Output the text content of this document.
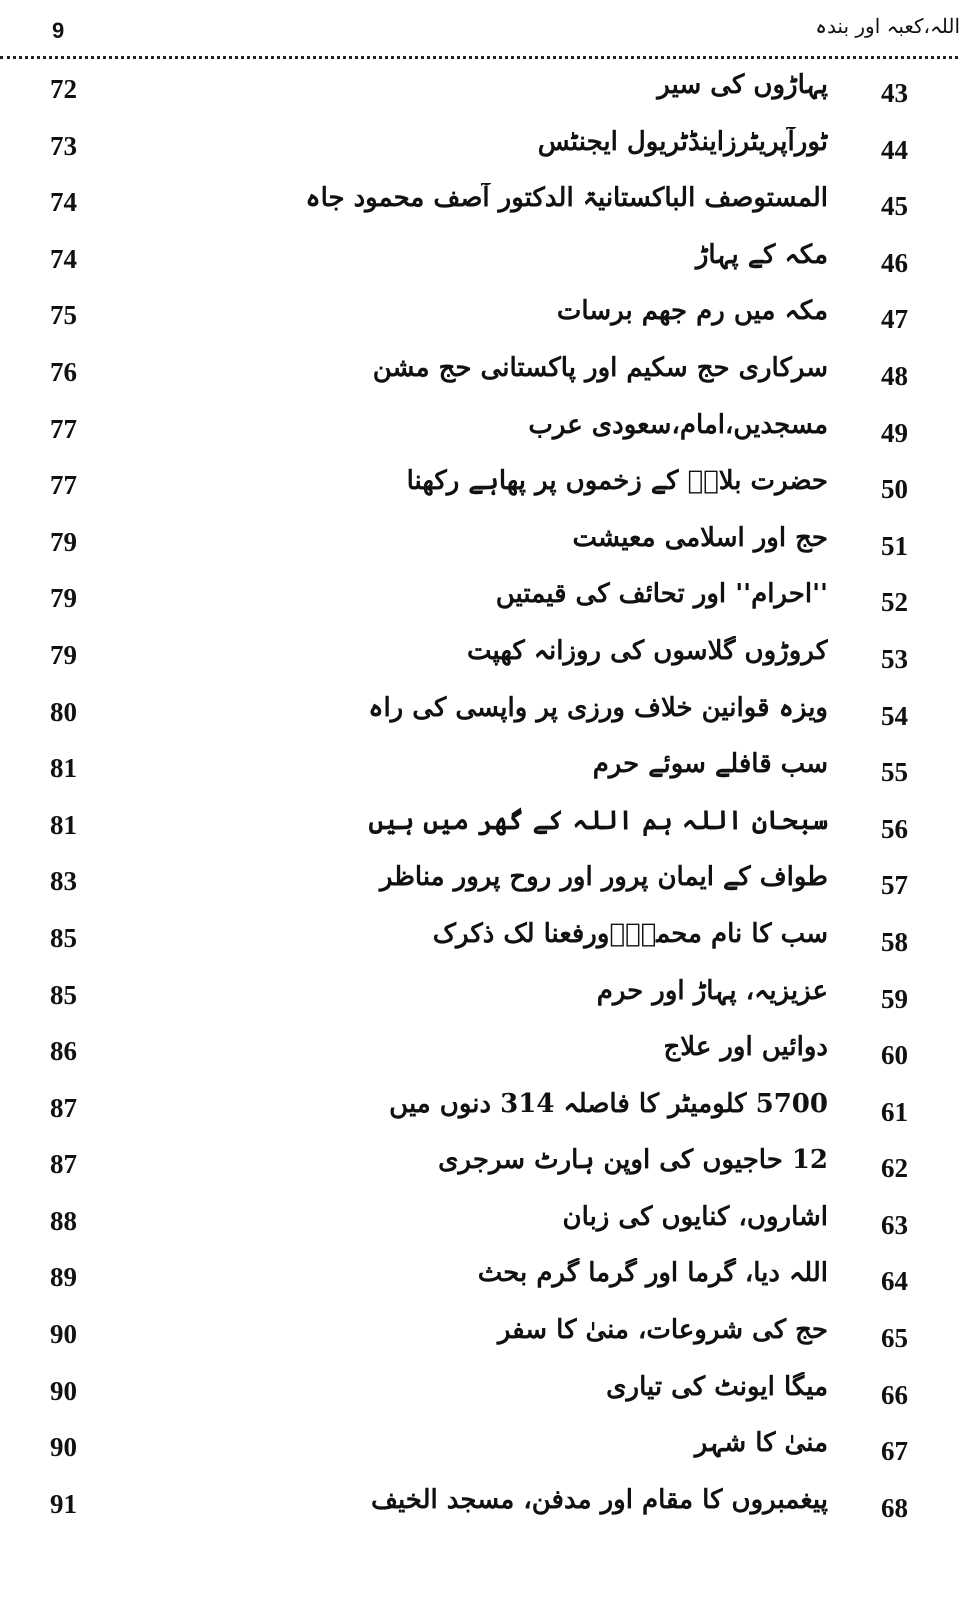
9	اللہ،کعبہ اور بندہ
72	پہاڑوں کی سیر	43
73	ٹورآپریٹرزاینڈٹریول ایجنٹس	44
74	المستوصف الباکستانیۃ الدکتور آصف محمود جاہ	45
74	مکہ کے پہاڑ	46
75	مکہ میں رم جھم برسات	47
76	سرکاری حج سکیم اور پاکستانی حج مشن	48
77	مسجدیں،امام،سعودی عرب	49
77	حضرت بلالؓ کے زخموں پر پھاہے رکھنا	50
79	حج اور اسلامی معیشت	51
79	''احرام'' اور تحائف کی قیمتیں	52
79	کروڑوں گلاسوں کی روزانہ کھپت	53
80	ویزہ قوانین خلاف ورزی پر واپسی کی راہ	54
81	سب قافلے سوئے حرم	55
81	سبحان اللہ ہم اللہ کے گھر میں ہیں	56
83	طواف کے ایمان پرور اور روح پرور مناظر	57
85	سب کا نام محمدؐ۔ورفعنا لک ذکرک	58
85	عزیزیہ، پہاڑ اور حرم	59
86	دوائیں اور علاج	60
87	5700 کلومیٹر کا فاصلہ 314 دنوں میں	61
87	12 حاجیوں کی اوپن ہارٹ سرجری	62
88	اشاروں، کنایوں کی زبان	63
89	اللہ دیا، گرما اور گرما گرم بحث	64
90	حج کی شروعات، منیٰ کا سفر	65
90	میگا ایونٹ کی تیاری	66
90	منیٰ کا شہر	67
91	پیغمبروں کا مقام اور مدفن، مسجد الخیف	68
